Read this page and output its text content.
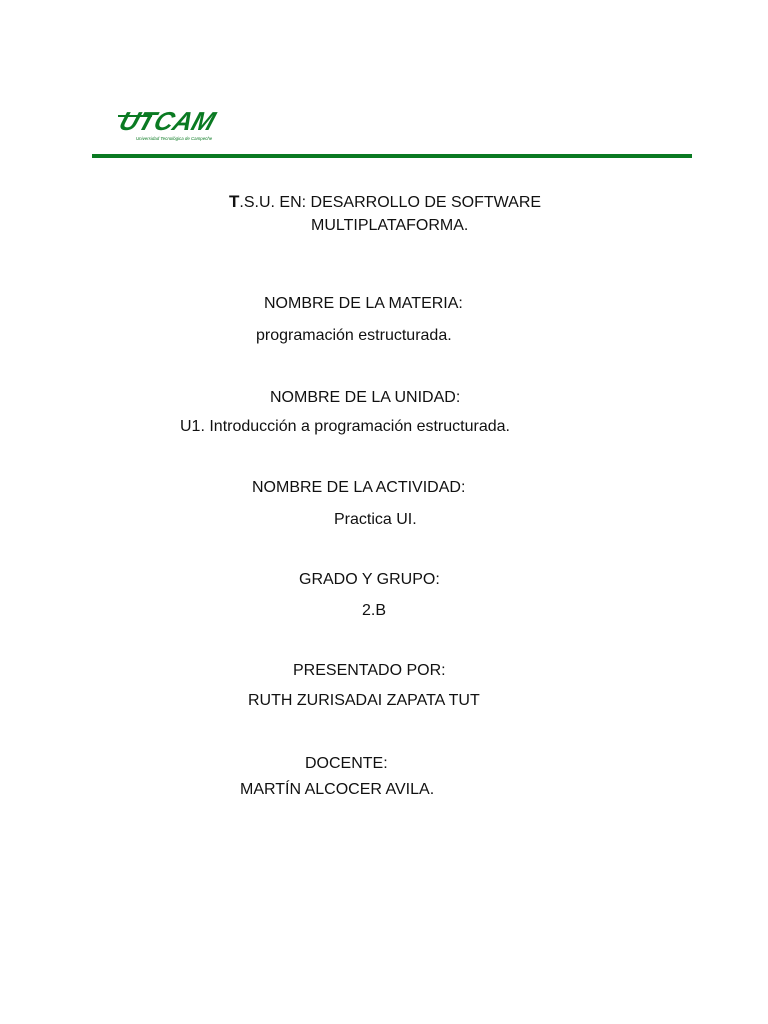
UTCAM
Universidad Tecnológica de Campeche
T.S.U. EN: DESARROLLO DE SOFTWARE
MULTIPLATAFORMA.
NOMBRE DE LA MATERIA:
programación estructurada.
NOMBRE DE LA UNIDAD:
U1. Introducción a programación estructurada.
NOMBRE DE LA ACTIVIDAD:
Practica UI.
GRADO Y GRUPO:
2.B
PRESENTADO POR:
RUTH ZURISADAI ZAPATA TUT
DOCENTE:
MARTÍN ALCOCER AVILA.
